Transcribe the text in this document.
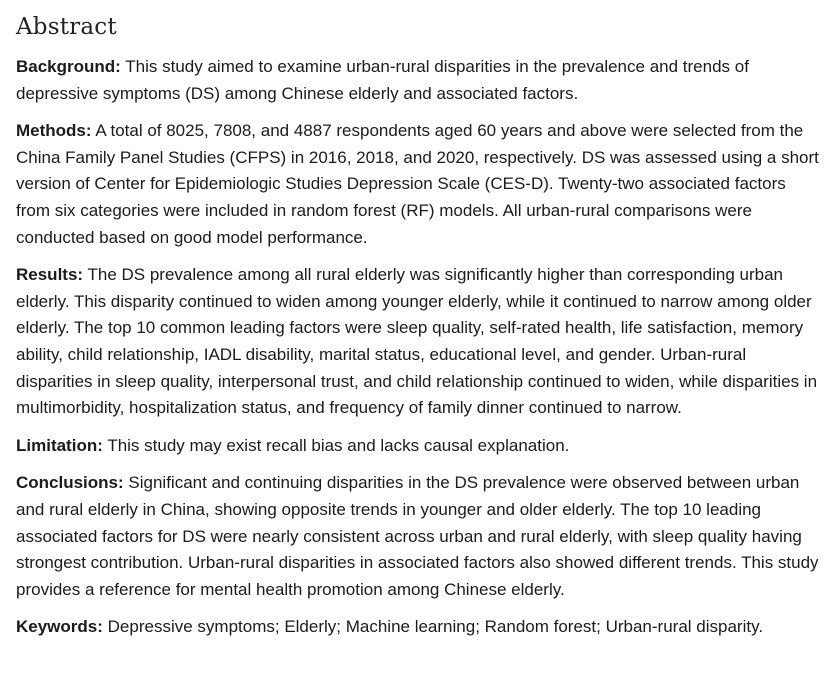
Abstract

Background: This study aimed to examine urban-rural disparities in the prevalence and trends of depressive symptoms (DS) among Chinese elderly and associated factors.

Methods: A total of 8025, 7808, and 4887 respondents aged 60 years and above were selected from the China Family Panel Studies (CFPS) in 2016, 2018, and 2020, respectively. DS was assessed using a short version of Center for Epidemiologic Studies Depression Scale (CES-D). Twenty-two associated factors from six categories were included in random forest (RF) models. All urban-rural comparisons were conducted based on good model performance.

Results: The DS prevalence among all rural elderly was significantly higher than corresponding urban elderly. This disparity continued to widen among younger elderly, while it continued to narrow among older elderly. The top 10 common leading factors were sleep quality, self-rated health, life satisfaction, memory ability, child relationship, IADL disability, marital status, educational level, and gender. Urban-rural disparities in sleep quality, interpersonal trust, and child relationship continued to widen, while disparities in multimorbidity, hospitalization status, and frequency of family dinner continued to narrow.

Limitation: This study may exist recall bias and lacks causal explanation.

Conclusions: Significant and continuing disparities in the DS prevalence were observed between urban and rural elderly in China, showing opposite trends in younger and older elderly. The top 10 leading associated factors for DS were nearly consistent across urban and rural elderly, with sleep quality having strongest contribution. Urban-rural disparities in associated factors also showed different trends. This study provides a reference for mental health promotion among Chinese elderly.

Keywords: Depressive symptoms; Elderly; Machine learning; Random forest; Urban-rural disparity.
